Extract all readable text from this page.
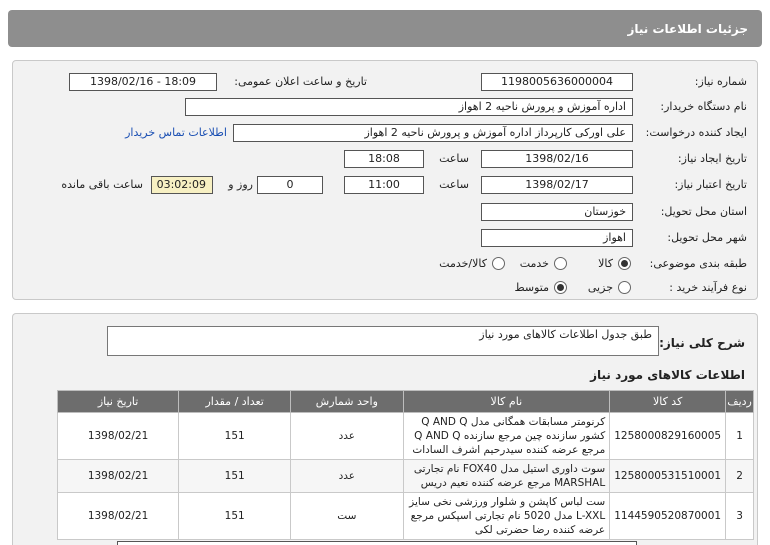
جزئیات اطلاعات نیاز
شماره نیاز:
1198005636000004
تاریخ و ساعت اعلان عمومی:
1398/02/16 - 18:09
نام دستگاه خریدار:
اداره آموزش و پرورش ناحیه 2 اهواز
ایجاد کننده درخواست:
علی اورکی کارپرداز اداره آموزش و پرورش ناحیه 2 اهواز
اطلاعات تماس خریدار
تاریخ ایجاد نیاز:
1398/02/16
ساعت
18:08
تاریخ اعتبار نیاز:
1398/02/17
ساعت
11:00
0
روز و
03:02:09
ساعت باقی مانده
استان محل تحویل:
خوزستان
شهر محل تحویل:
اهواز
طبقه بندی موضوعی:
کالا
خدمت
کالا/خدمت
نوع فرآیند خرید :
جزیی
متوسط
شرح کلی نیاز:
طبق جدول اطلاعات کالاهای مورد نیاز
اطلاعات کالاهای مورد نیاز
ردیف	کد کالا	نام کالا	واحد شمارش	تعداد / مقدار	تاریخ نیاز
1	1258000829160005	کرنومتر مسابقات همگانی مدل Q AND Q کشور سازنده چین مرجع سازنده Q AND Q مرجع عرضه کننده سیدرحیم اشرف السادات	عدد	151	1398/02/21
2	1258000531510001	سوت داوری استیل مدل FOX40 نام تجارتی MARSHAL مرجع عرضه کننده نعیم دریس	عدد	151	1398/02/21
3	1144590520870001	ست لباس کاپشن و شلوار ورزشی نخی سایز L-XXL مدل 5020 نام تجارتی اسپکس مرجع عرضه کننده رضا حضرتی لکی	ست	151	1398/02/21
